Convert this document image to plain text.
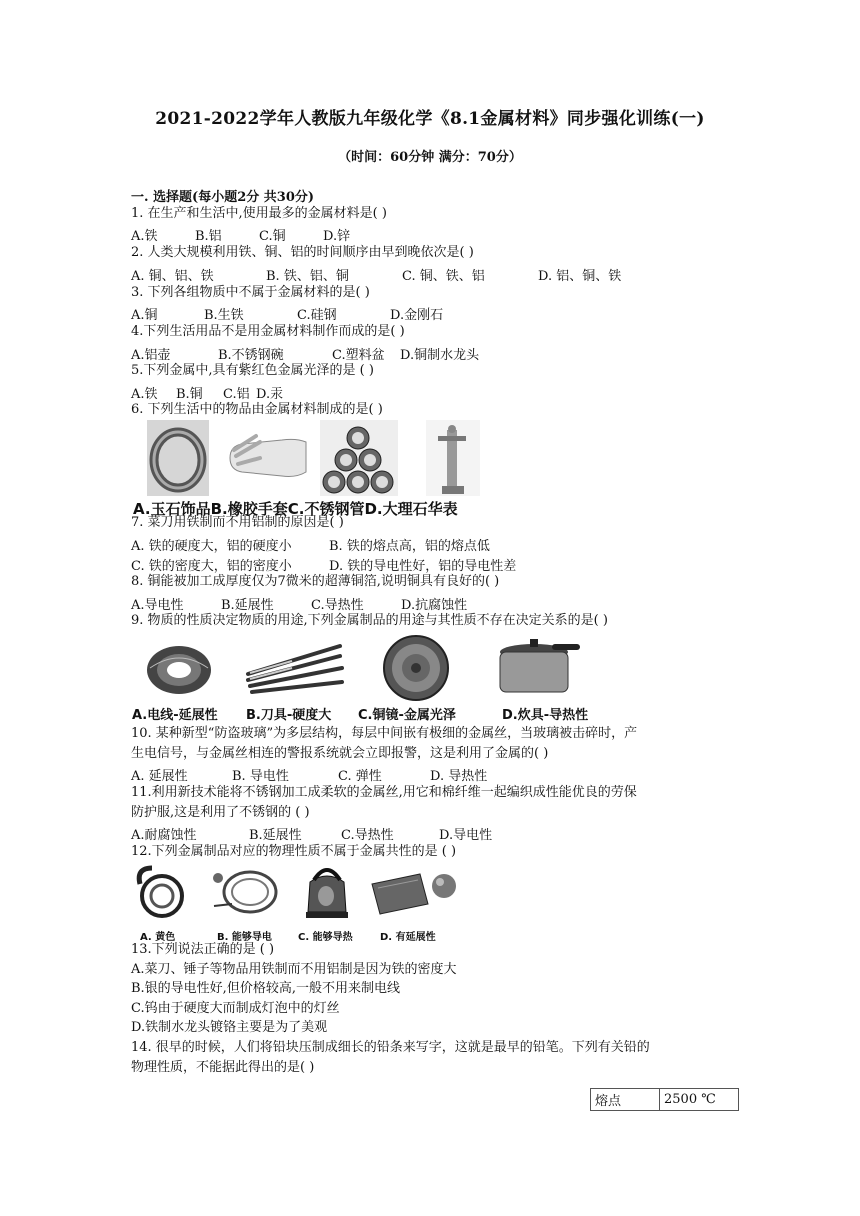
2021-2022学年人教版九年级化学《8.1金属材料》同步强化训练(一)
（时间：60分钟 满分：70分）
一. 选择题(每小题2分 共30分)
1. 在生产和生活中,使用最多的金属材料是( )
A.铁	B.铝	C.铜	D.锌
2. 人类大规模利用铁、铜、铝的时间顺序由早到晚依次是( )
A. 铜、铝、铁	B. 铁、铝、铜	C. 铜、铁、铝	D. 铝、铜、铁
3. 下列各组物质中不属于金属材料的是( )
A.铜	B.生铁	C.硅钢	D.金刚石
4.下列生活用品不是用金属材料制作而成的是( )
A.铝壶	B.不锈钢碗	C.塑料盆	D.铜制水龙头
5.下列金属中,具有紫红色金属光泽的是 ( )
A.铁	B.铜	C.铝 D.汞
6. 下列生活中的物品由金属材料制成的是( )
A.玉石饰品B.橡胶手套C.不锈钢管D.大理石华表
7. 菜刀用铁制而不用铝制的原因是( )
A. 铁的硬度大，铝的硬度小	B. 铁的熔点高，铝的熔点低
C. 铁的密度大，铝的密度小	D. 铁的导电性好，铝的导电性差
8. 铜能被加工成厚度仅为7微米的超薄铜箔,说明铜具有良好的( )
A.导电性	B.延展性	C.导热性	D.抗腐蚀性
9. 物质的性质决定物质的用途,下列金属制品的用途与其性质不存在决定关系的是( )
A.电线-延展性 B.刀具-硬度大 C.铜镜-金属光泽	D.炊具-导热性
10. 某种新型“防盗玻璃”为多层结构，每层中间嵌有极细的金属丝，当玻璃被击碎时，产
生电信号，与金属丝相连的警报系统就会立即报警，这是利用了金属的( )
A. 延展性	B. 导电性	C. 弹性	D. 导热性
11.利用新技术能将不锈钢加工成柔软的金属丝,用它和棉纤维一起编织成性能优良的劳保
防护服,这是利用了不锈钢的 ( )
A.耐腐蚀性	B.延展性	C.导热性	D.导电性
12.下列金属制品对应的物理性质不属于金属共性的是 ( )
A. 黄色	B. 能够导电	C. 能够导热	D. 有延展性
13.下列说法正确的是 ( )
A.菜刀、锤子等物品用铁制而不用铝制是因为铁的密度大
B.银的导电性好,但价格较高,一般不用来制电线
C.钨由于硬度大而制成灯泡中的灯丝
D.铁制水龙头镀铬主要是为了美观
14. 很早的时候，人们将铅块压制成细长的铅条来写字，这就是最早的铅笔。下列有关铅的
物理性质，不能据此得出的是( )
熔点	2500 ℃
